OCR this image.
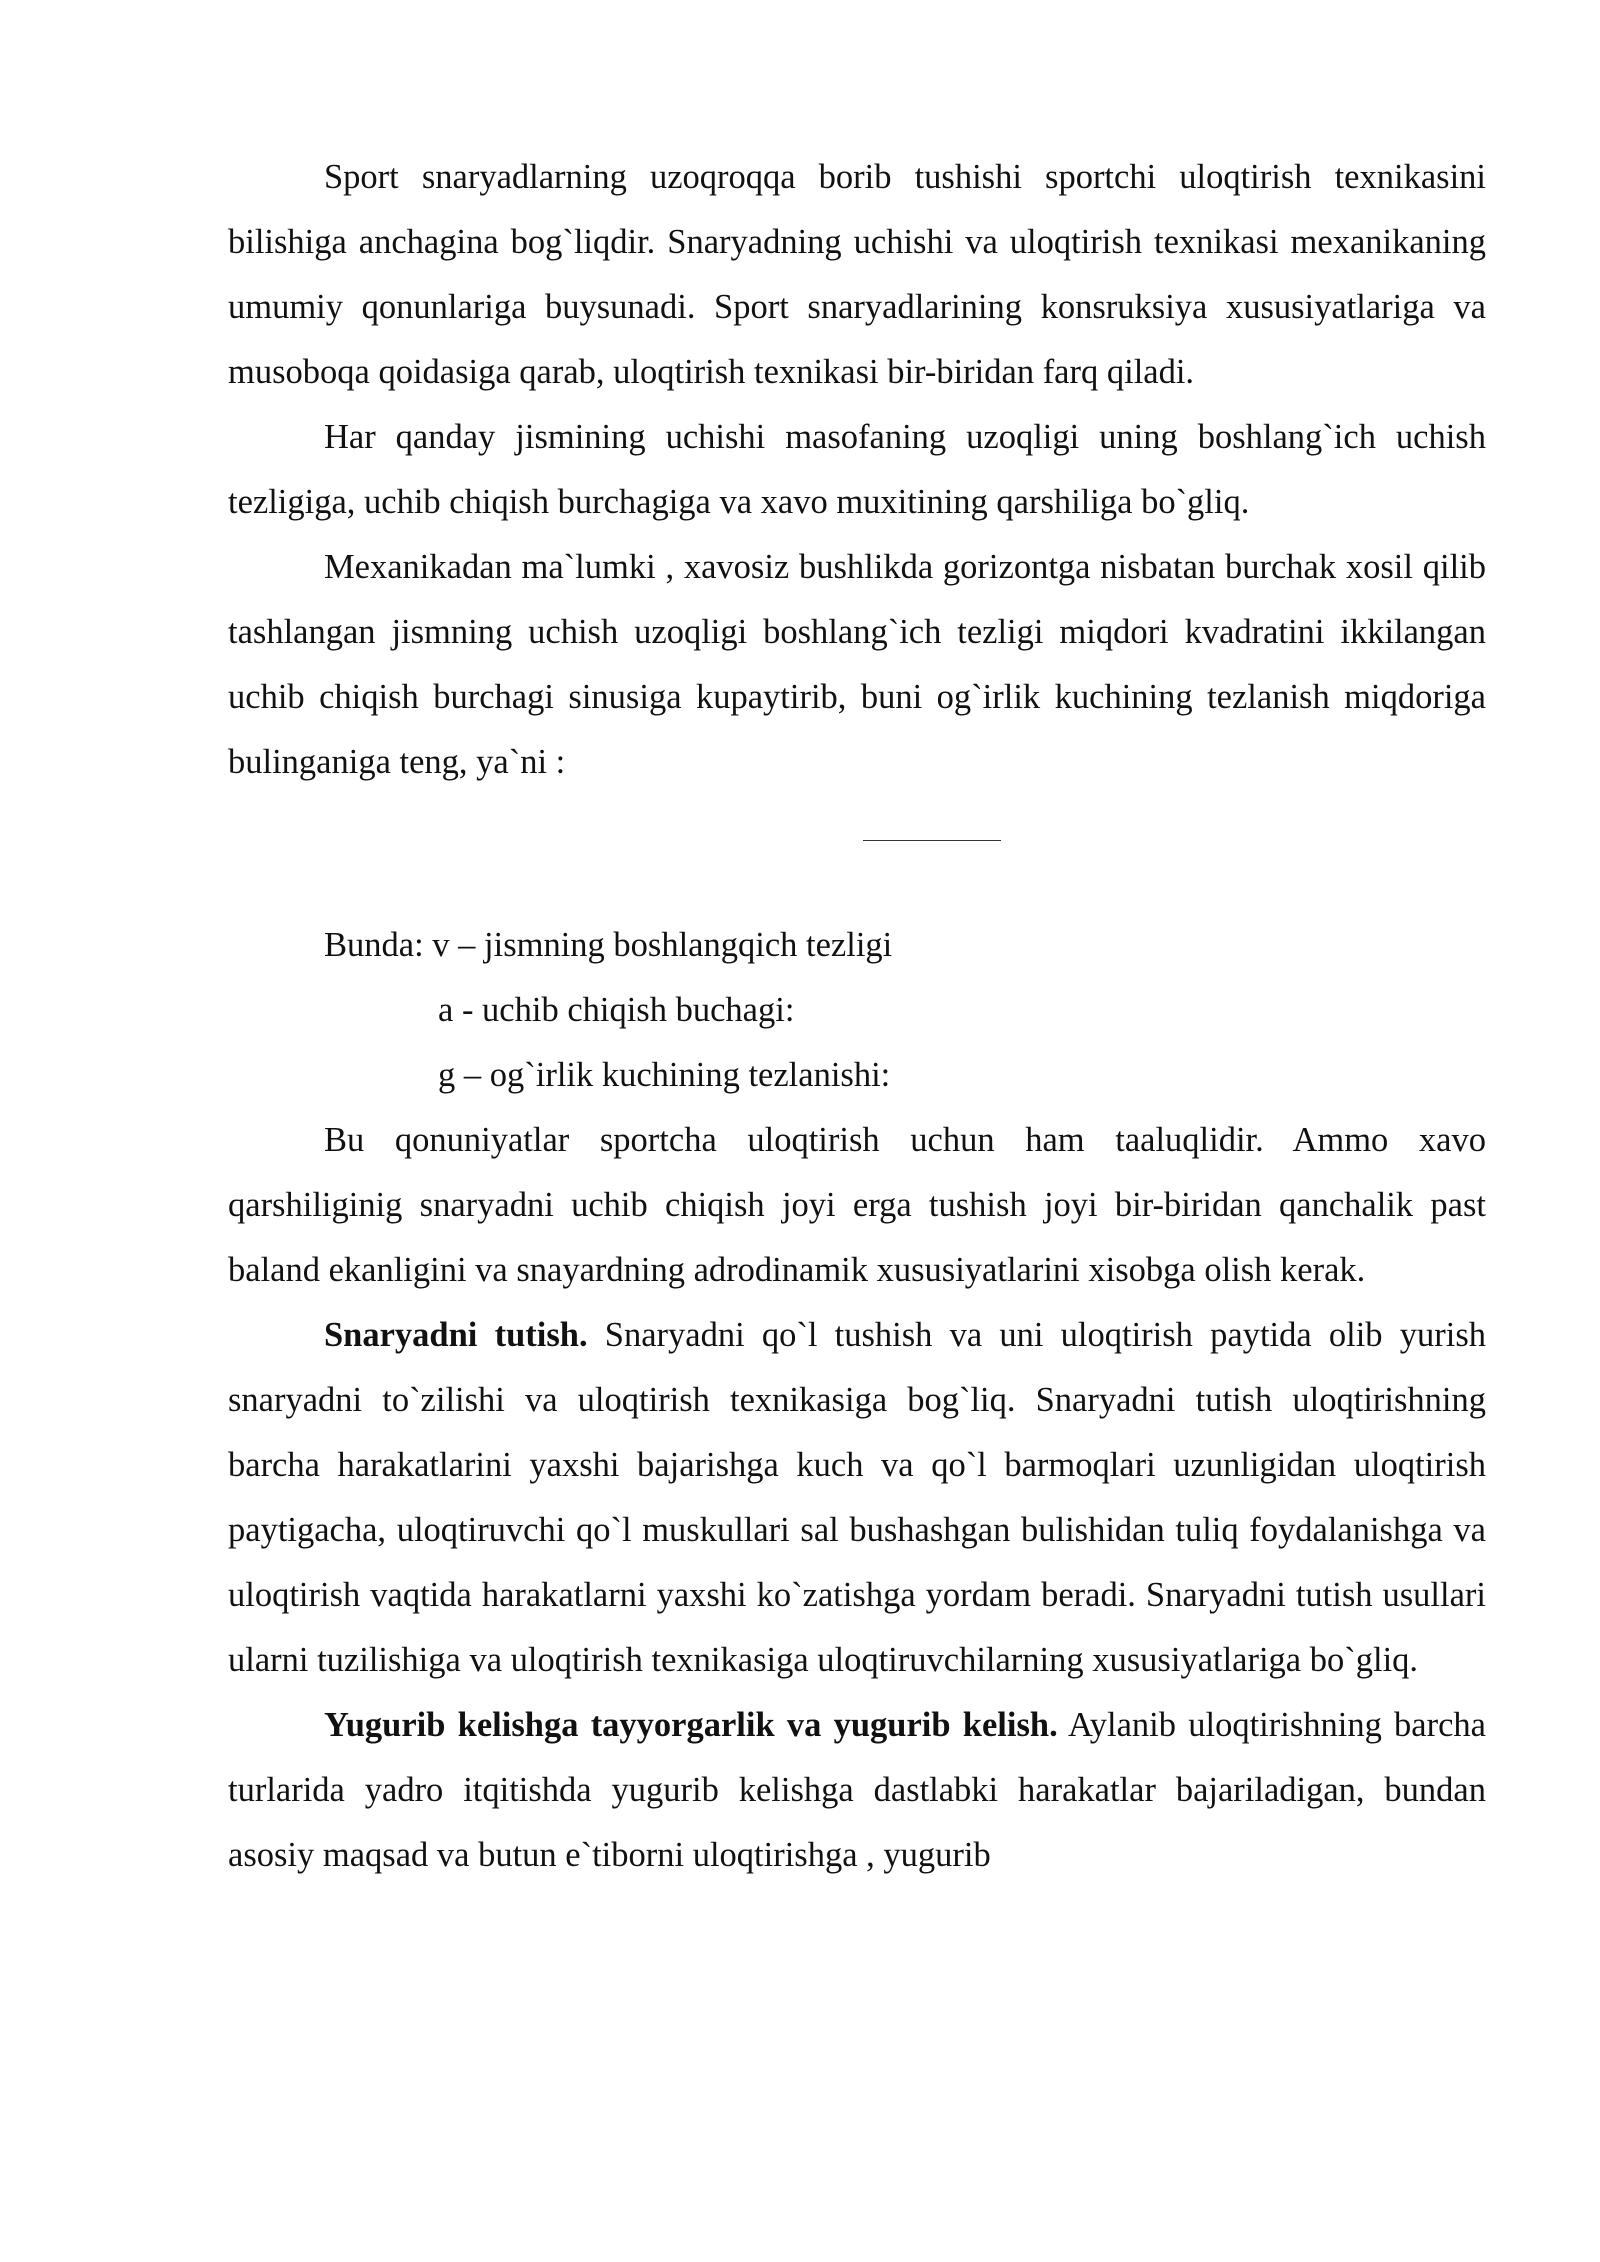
Sport snaryadlarning uzoqroqqa borib tushishi sportchi uloqtirish texnikasini bilishiga anchagina bog`liqdir. Snaryadning uchishi va uloqtirish texnikasi mexanikaning umumiy qonunlariga buysunadi. Sport snaryadlarining konsruksiya xususiyatlariga va musoboqa qoidasiga qarab, uloqtirish texnikasi bir-biridan farq qiladi.

Har qanday jismining uchishi masofaning uzoqligi uning boshlang`ich uchish tezligiga, uchib chiqish burchagiga va xavo muxitining qarshiliga bo`gliq.

Mexanikadan ma`lumki , xavosiz bushlikda gorizontga nisbatan burchak xosil qilib tashlangan jismning uchish uzoqligi boshlang`ich tezligi miqdori kvadratini ikkilangan uchib chiqish burchagi sinusiga kupaytirib, buni og`irlik kuchining tezlanish miqdoriga bulinganiga teng, ya`ni :

Bunda: v – jismning boshlangqich tezligi

a - uchib chiqish buchagi:

g – og`irlik kuchining tezlanishi:

Bu qonuniyatlar sportcha uloqtirish uchun ham taaluqlidir. Ammo xavo qarshiliginig snaryadni uchib chiqish joyi erga tushish joyi bir-biridan qanchalik past baland ekanligini va snayardning adrodinamik xususiyatlarini xisobga olish kerak.

Snaryadni tutish. Snaryadni qo`l tushish va uni uloqtirish paytida olib yurish snaryadni to`zilishi va uloqtirish texnikasiga bog`liq. Snaryadni tutish uloqtirishning barcha harakatlarini yaxshi bajarishga kuch va qo`l barmoqlari uzunligidan uloqtirish paytigacha, uloqtiruvchi qo`l muskullari sal bushashgan bulishidan tuliq foydalanishga va uloqtirish vaqtida harakatlarni yaxshi ko`zatishga yordam beradi. Snaryadni tutish usullari ularni tuzilishiga va uloqtirish texnikasiga uloqtiruvchilarning xususiyatlariga bo`gliq.

Yugurib kelishga tayyorgarlik va yugurib kelish. Aylanib uloqtirishning barcha turlarida yadro itqitishda yugurib kelishga dastlabki harakatlar bajariladigan, bundan asosiy maqsad va butun e`tiborni uloqtirishga , yugurib
